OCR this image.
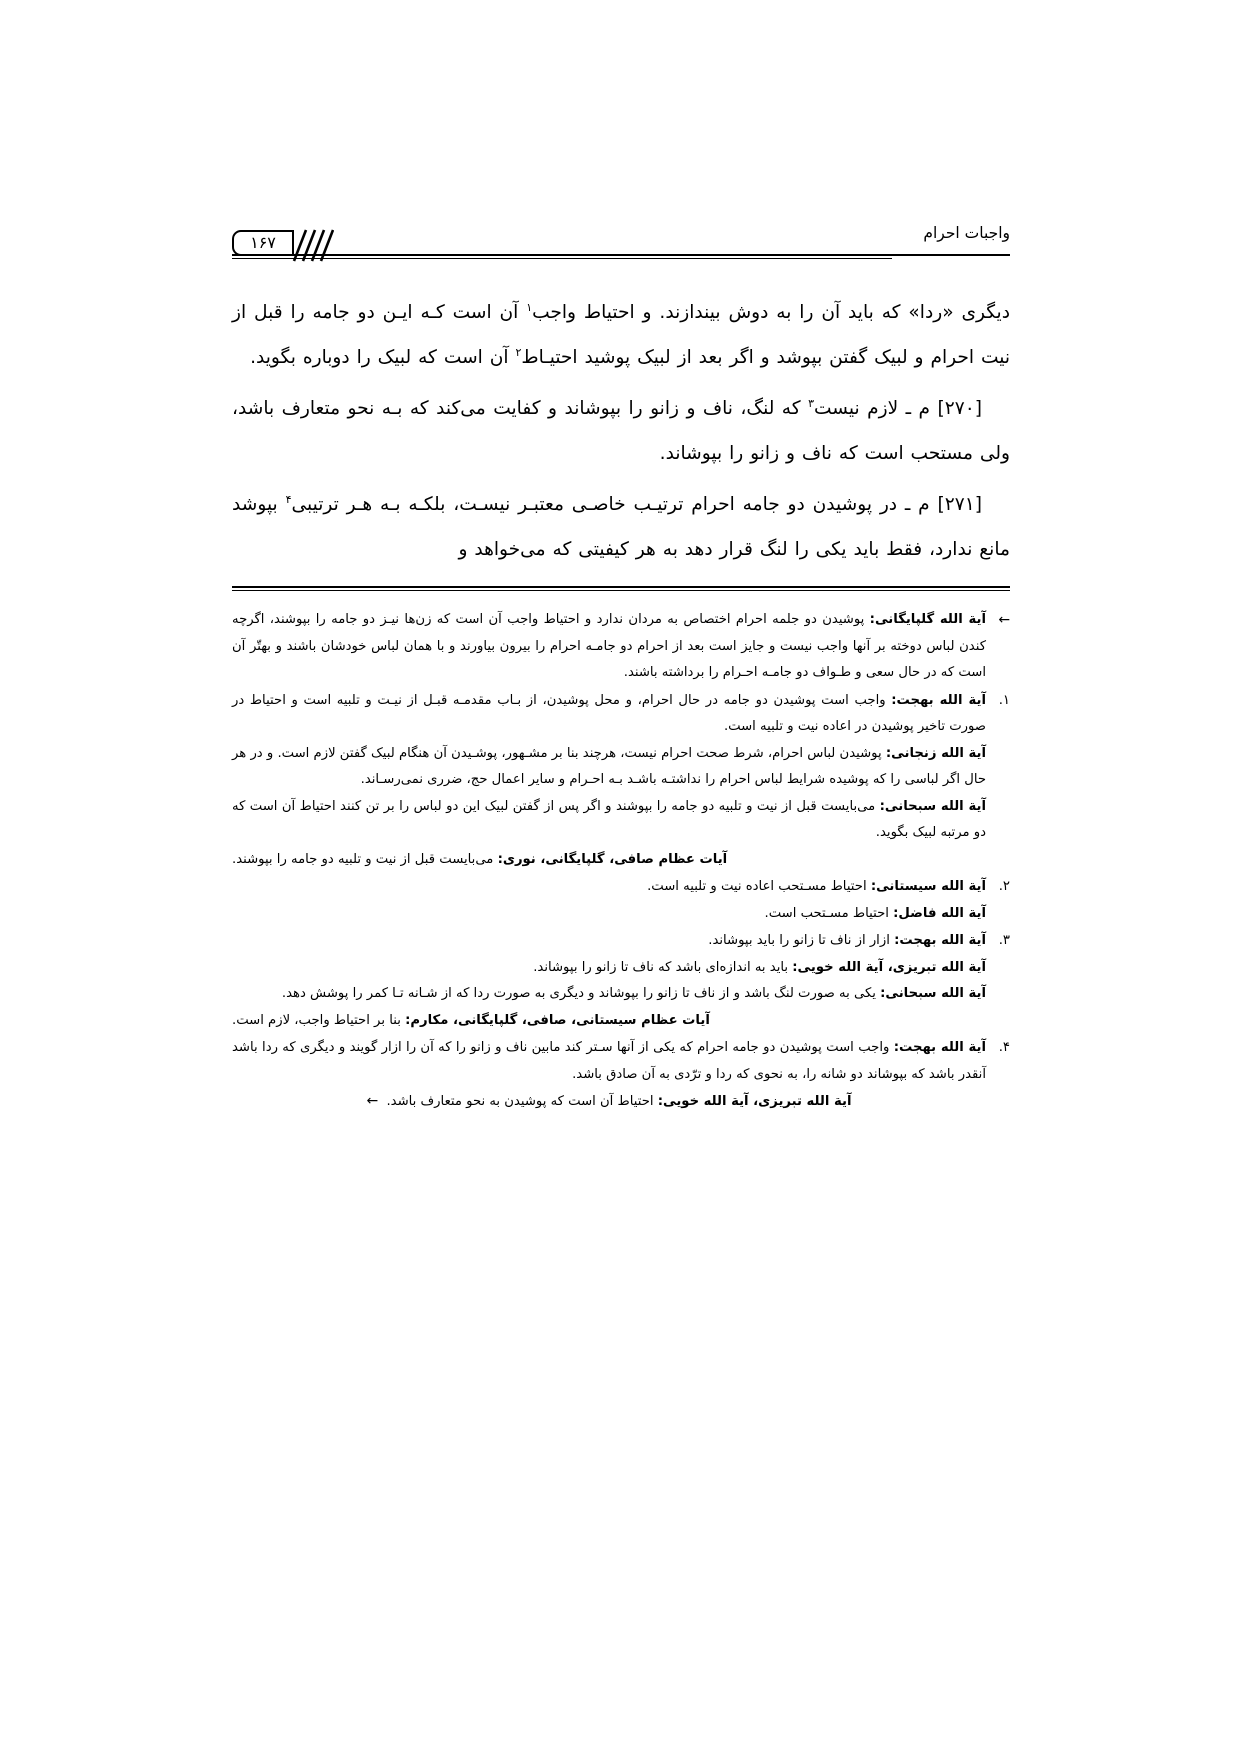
۱۶۷	واجبات احرام

دیگری «ردا» که باید آن را به دوش بیندازند. و احتیاط واجب$^۱$ آن است کـه ایـن دو جامه را قبل از نیت احرام و لبیک گفتن بپوشد و اگر بعد از لبیک پوشید احتیـاط$^۲$ آن است که لبیک را دوباره بگوید.

[۲۷۰] م ـ لازم نیست$^۳$ که لنگ، ناف و زانو را بپوشاند و کفایت می‌کند که بـه نحو متعارف باشد، ولی مستحب است که ناف و زانو را بپوشاند.

[۲۷۱] م ـ در پوشیدن دو جامه احرام ترتیـب خاصـی معتبـر نیسـت، بلکـه بـه هـر ترتیبی$^۴$ بپوشد مانع ندارد، فقط باید یکی را لنگ قرار دهد به هر کیفیتی که می‌خواهد و

←
آیة الله گلپایگانی: پوشیدن دو جلمه احرام اختصاص به مردان ندارد و احتیاط واجب آن است که زن‌ها نیـز دو جامه را بپوشند، اگرچه کندن لباس دوخته بر آنها واجب نیست و جایز است بعد از احرام دو جامـه احرام را بیرون بیاورند و با همان لباس خودشان باشند و بهتّر آن است که در حال سعی و طـواف دو جامـه احـرام را برداشته باشند.
۱.
آیة الله بهجت: واجب است پوشیدن دو جامه در حال احرام، و محل پوشیدن، از بـاب مقدمـه قبـل از نیـت و تلبیه است و احتیاط در صورت تاخیر پوشیدن در اعاده نیت و تلبیه است.
آیة الله زنجانی: پوشیدن لباس احرام، شرط صحت احرام نیست، هرچند بنا بر مشـهور، پوشـیدن آن هنگام لبیک گفتن لازم است. و در هر حال اگر لباسی را که پوشیده شرایط لباس احرام را نداشتـه باشـد بـه احـرام و سایر اعمال حج، ضرری نمی‌رسـاند.
آیة الله سبحانی: می‌بایست قبل از نیت و تلبیه دو جامه را بپوشند و اگر پس از گفتن لبیک این دو لباس را بر تن کنند احتیاط آن است که دو مرتبه لبیک بگوید.
آیات عظام صافی، گلپایگانی، نوری: می‌بایست قبل از نیت و تلبیه دو جامه را بپوشند.
۲.
آیة الله سیستانی: احتیاط مسـتحب اعاده نیت و تلبیه است.
آیة الله فاضل: احتیاط مسـتحب است.
۳.
آیة الله بهجت: ازار از ناف تا زانو را باید بپوشاند.
آیة الله تبریزی، آیة الله خویی: باید به اندازه‌ای باشد که ناف تا زانو را بپوشاند.
آیة الله سبحانی: یکی به صورت لنگ باشد و از ناف تا زانو را بپوشاند و دیگری به صورت ردا که از شـانه تـا کمر را پوشش دهد.
آیات عظام سیستانی، صافی، گلپایگانی، مکارم: بنا بر احتیاط واجب، لازم است.
۴.
آیة الله بهجت: واجب است پوشیدن دو جامه احرام که یکی از آنها سـتر کند مابین ناف و زانو را که آن را ازار گویند و دیگری که ردا باشد آنقدر باشد که بپوشاند دو شانه را، به نحوی که ردا و ترّدی به آن صادق باشد.
آیة الله تبریزی، آیة الله خویی: احتیاط آن است که پوشیدن به نحو متعارف باشد. ←
